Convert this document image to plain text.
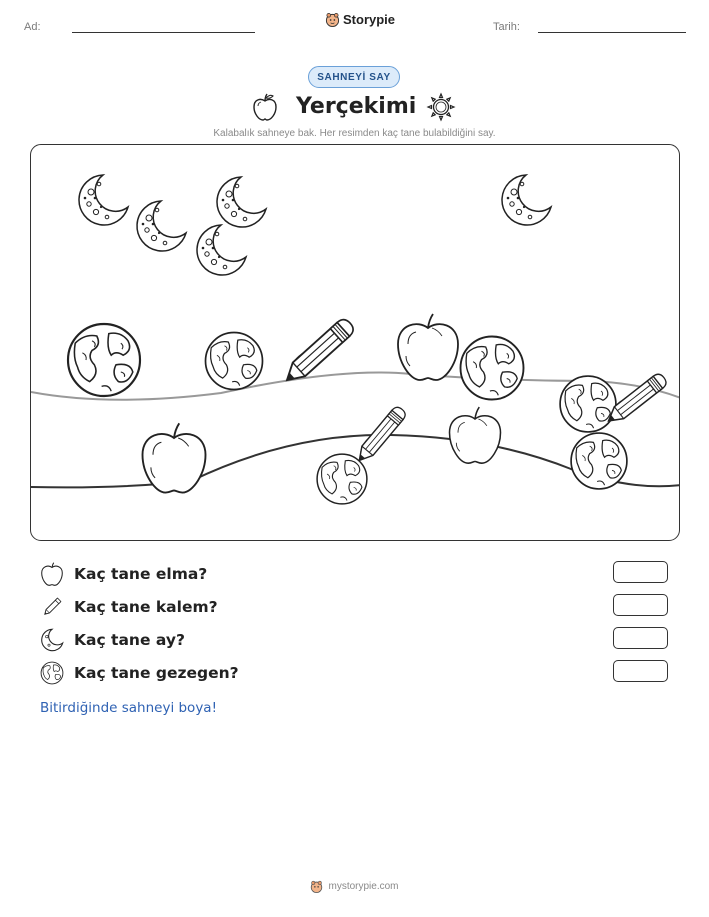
Ad:	Storypie	Tarih:
SAHNEYİ SAY
Yerçekimi
Kalabalık sahneye bak. Her resimden kaç tane bulabildiğini say.
Kaç tane elma?
Kaç tane kalem?
Kaç tane ay?
Kaç tane gezegen?
Bitirdiğinde sahneyi boya!
mystorypie.com
